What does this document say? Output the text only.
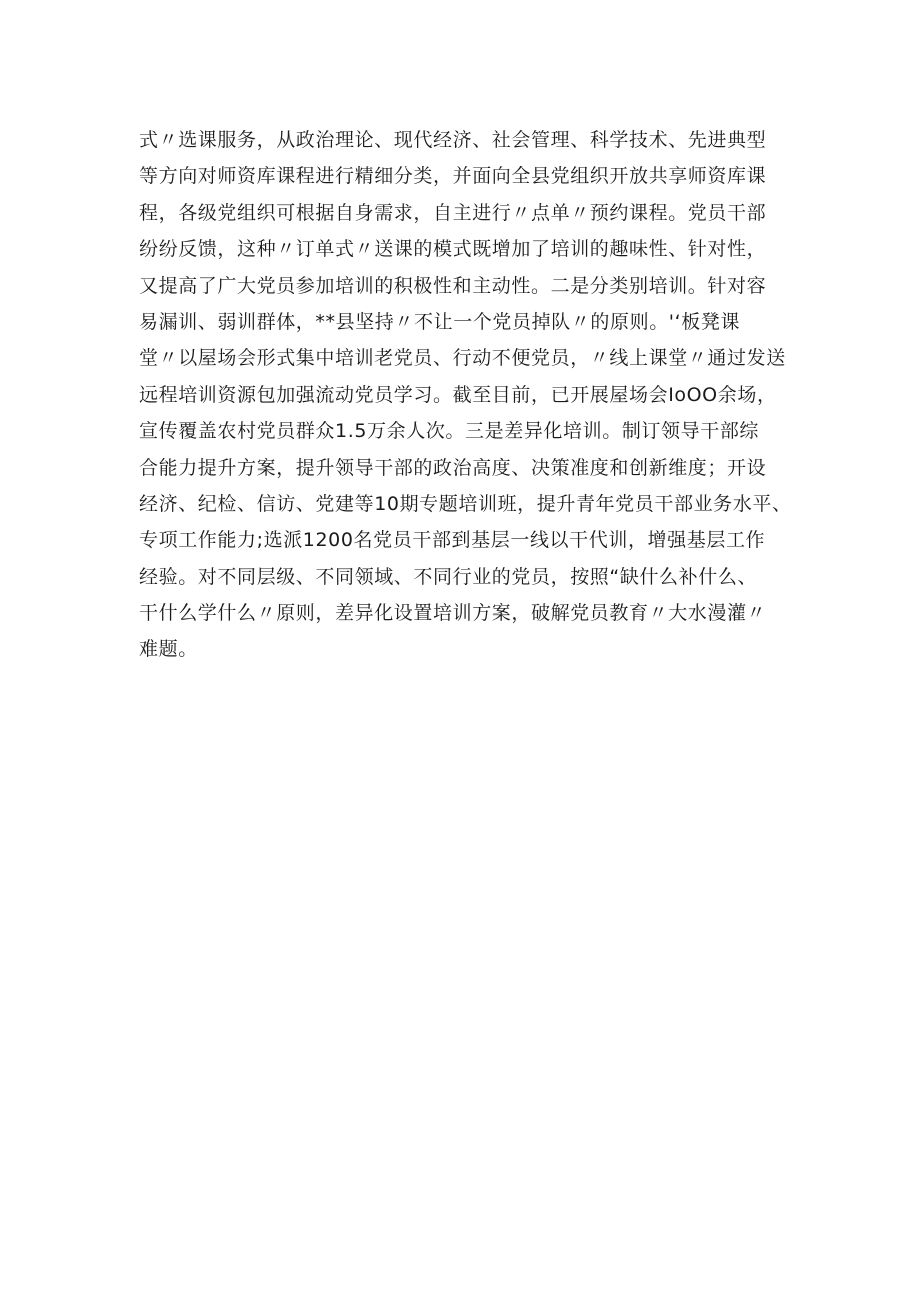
式〃选课服务，从政治理论、现代经济、社会管理、科学技术、先进典型
等方向对师资库课程进行精细分类，并面向全县党组织开放共享师资库课
程，各级党组织可根据自身需求，自主进行〃点单〃预约课程。党员干部
纷纷反馈，这种〃订单式〃送课的模式既增加了培训的趣味性、针对性，
又提高了广大党员参加培训的积极性和主动性。二是分类别培训。针对容
易漏训、弱训群体，**县坚持〃不让一个党员掉队〃的原则。'‘板凳课
堂〃以屋场会形式集中培训老党员、行动不便党员，〃线上课堂〃通过发送
远程培训资源包加强流动党员学习。截至目前，已开展屋场会IoOO余场，
宣传覆盖农村党员群众1.5万余人次。三是差异化培训。制订领导干部综
合能力提升方案，提升领导干部的政治高度、决策准度和创新维度；开设
经济、纪检、信访、党建等10期专题培训班，提升青年党员干部业务水平、
专项工作能力;选派1200名党员干部到基层一线以干代训，增强基层工作
经验。对不同层级、不同领域、不同行业的党员，按照“缺什么补什么、
干什么学什么〃原则，差异化设置培训方案，破解党员教育〃大水漫灌〃
难题。
